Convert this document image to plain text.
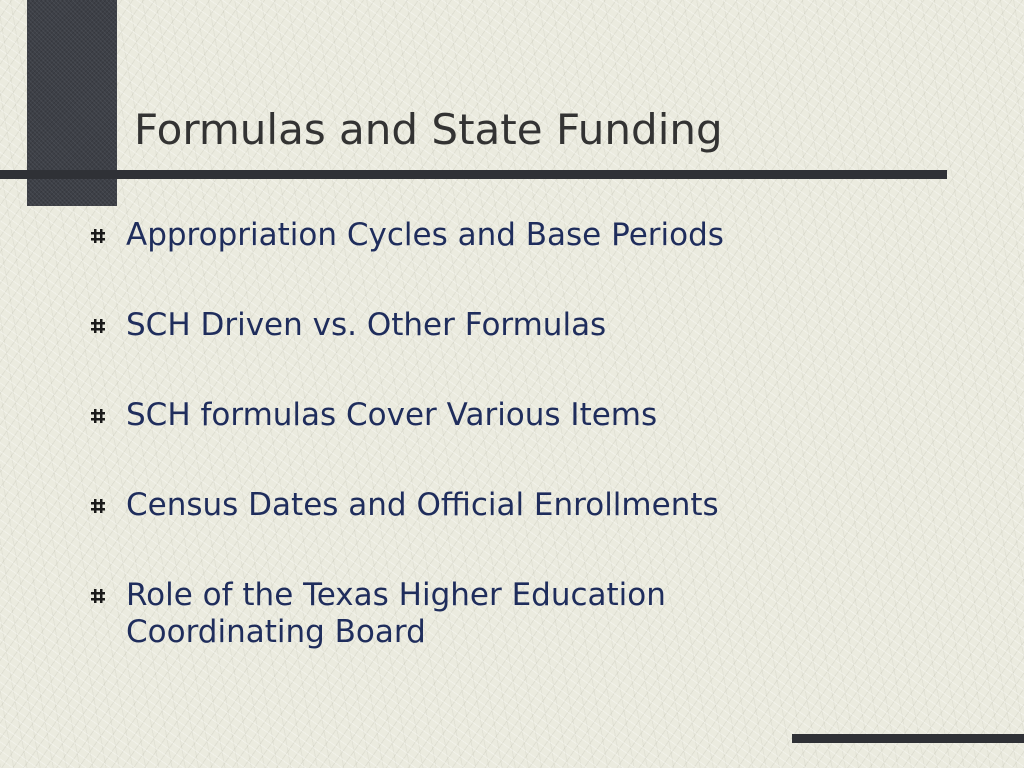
Formulas and State Funding
Appropriation Cycles and Base Periods
SCH Driven vs. Other Formulas
SCH formulas Cover Various Items
Census Dates and Official Enrollments
Role of the Texas Higher Education Coordinating Board
